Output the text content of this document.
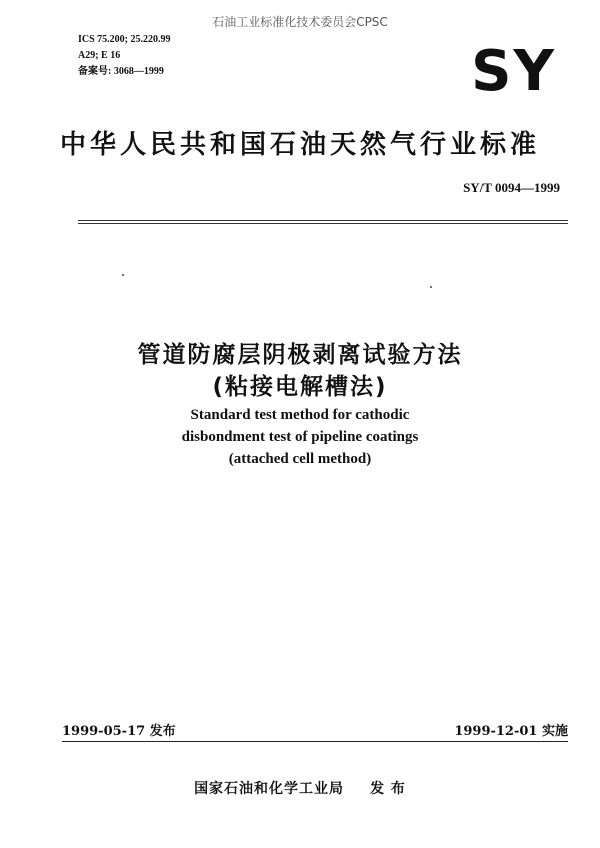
石油工业标准化技术委员会CPSC
ICS 75.200; 25.220.99
A29; E 16
备案号: 3068—1999	SY
中华人民共和国石油天然气行业标准
SY/T 0094—1999
管道防腐层阴极剥离试验方法
(粘接电解槽法)
Standard test method for cathodic
disbondment test of pipeline coatings
(attached cell method)
1999-05-17 发布	1999-12-01 实施
国家石油和化学工业局 发 布
